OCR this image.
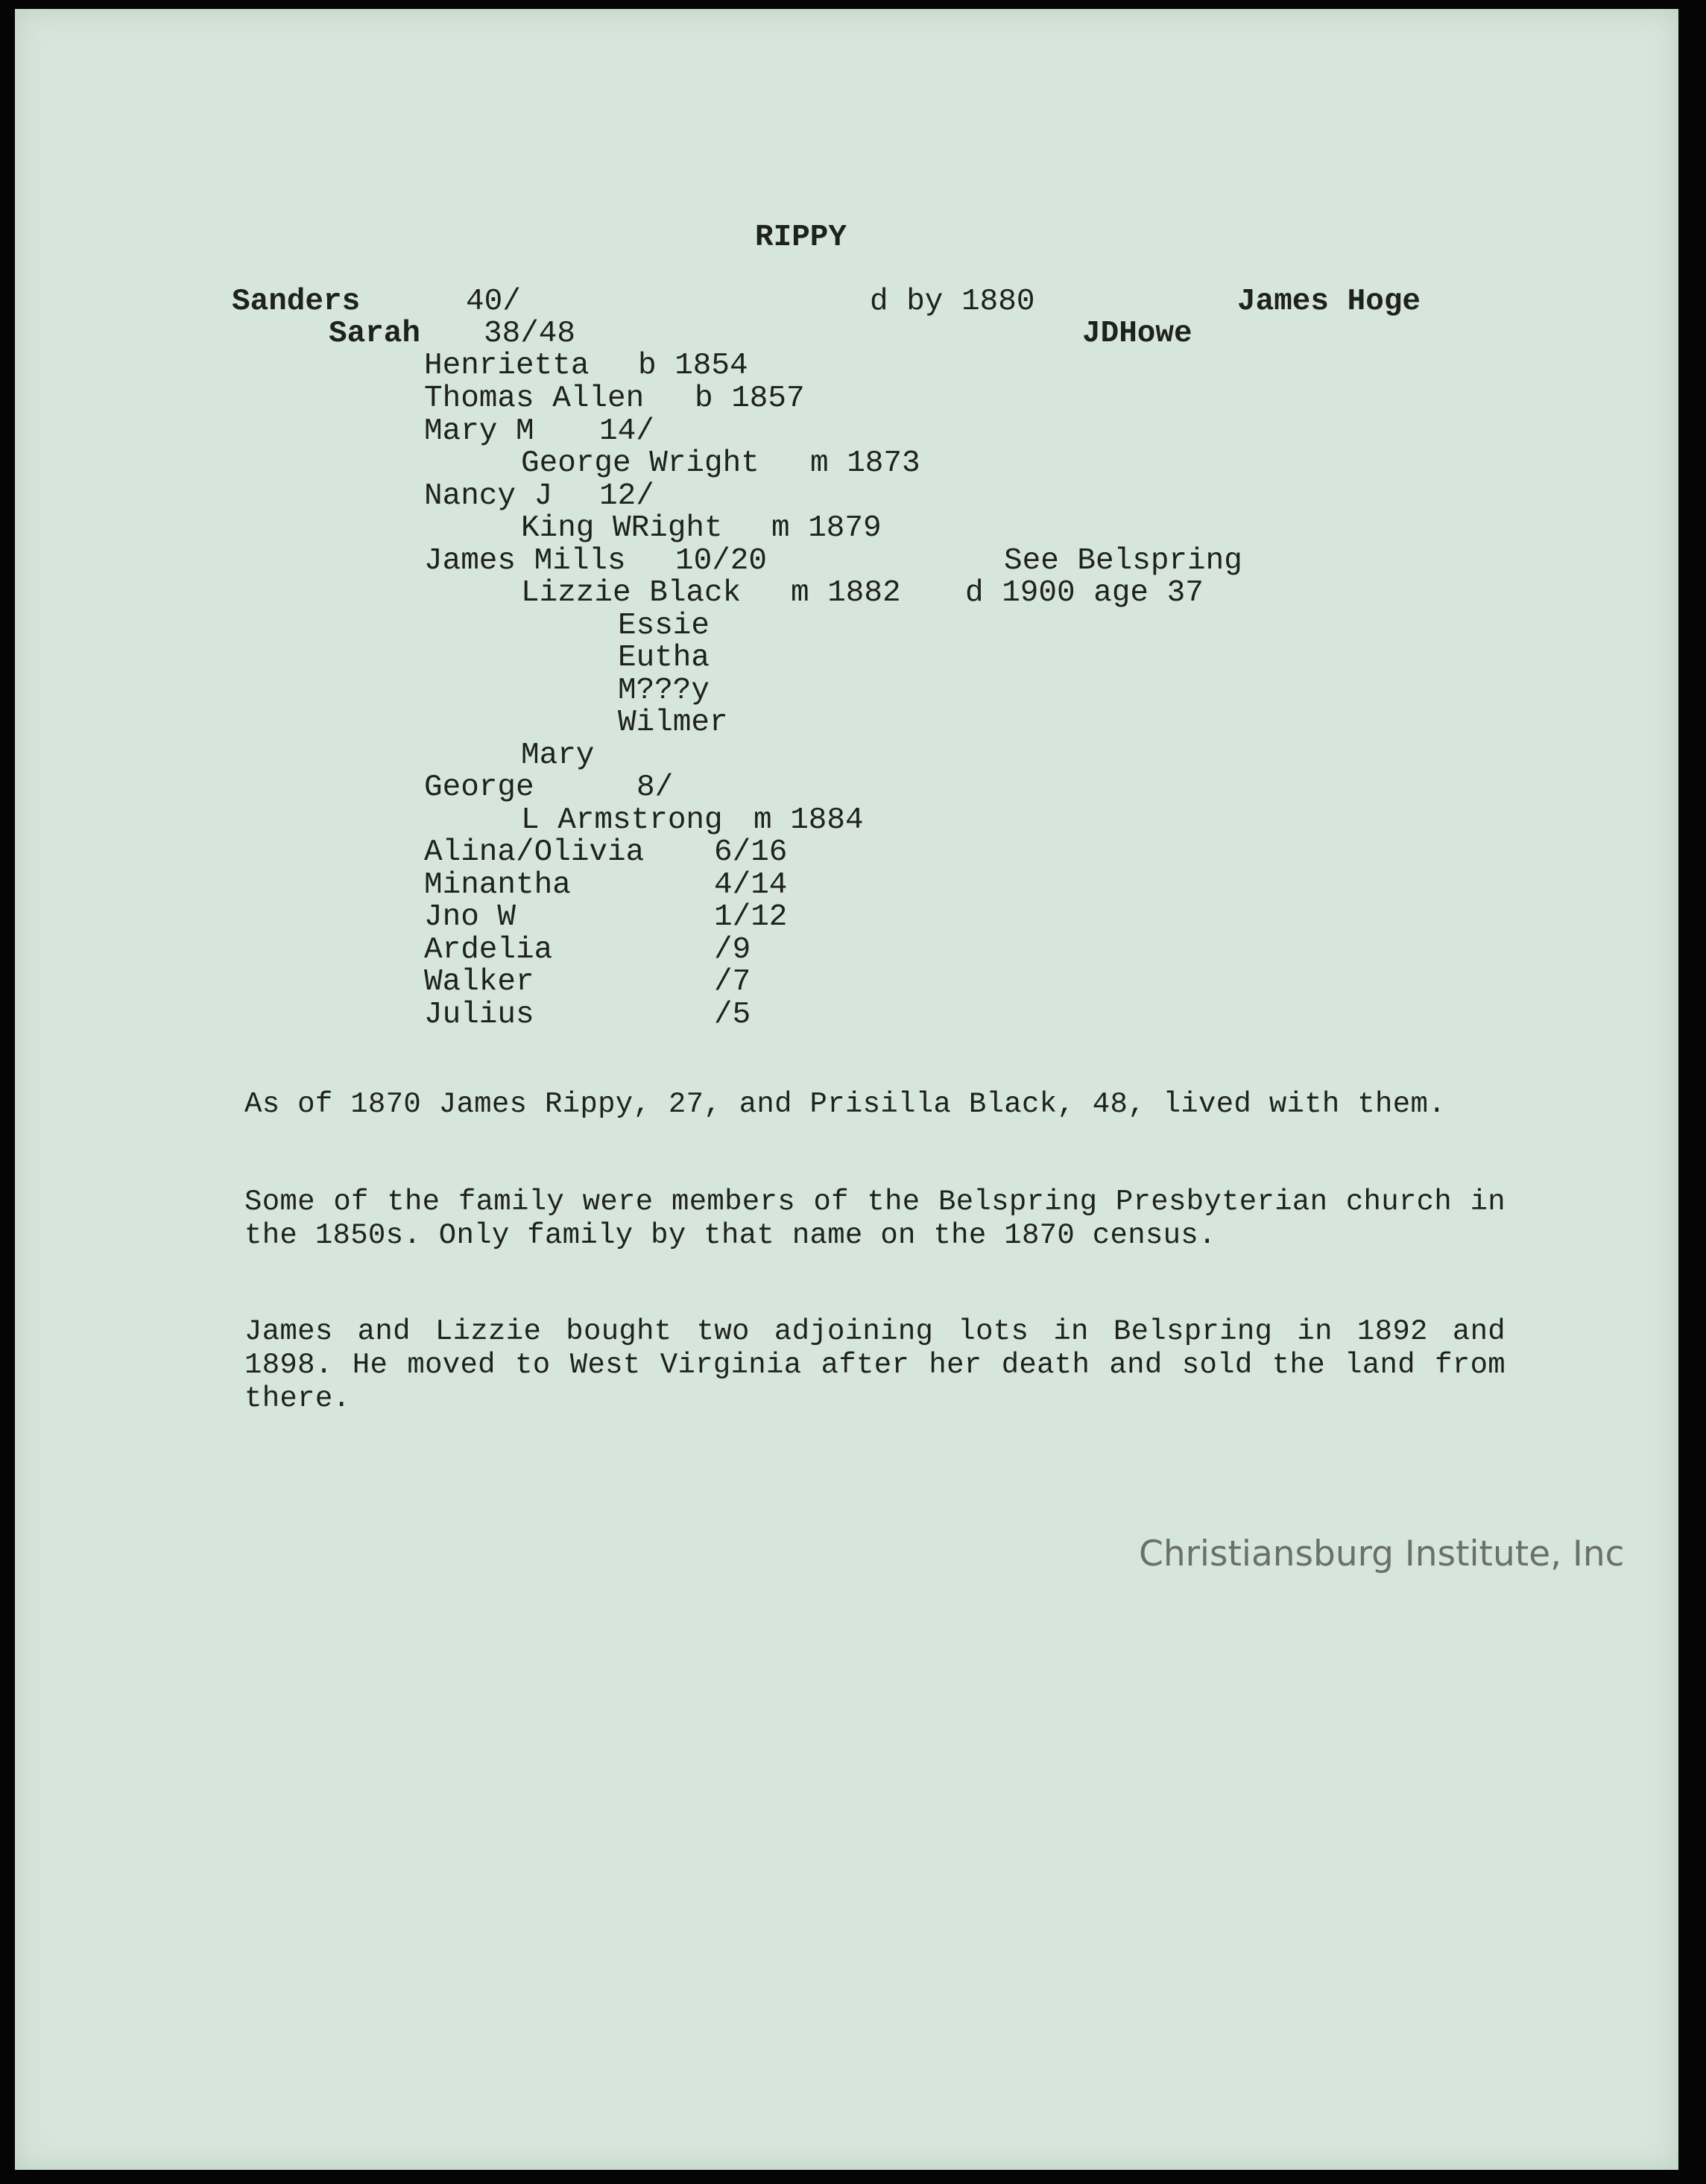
RIPPY
Sanders	40/	d by 1880	James Hoge
Sarah 38/48	JDHowe
Henrietta b 1854
Thomas Allen b 1857
Mary M 14/
George Wright m 1873
Nancy J 12/
King WRight m 1879
James Mills 10/20	See Belspring
Lizzie Black m 1882 d 1900 age 37
Essie
Eutha
M???y
Wilmer
Mary
George	8/
L Armstrong m 1884
Alina/Olivia 6/16
Minantha	4/14
Jno W	1/12
Ardelia	/9
Walker	/7
Julius	/5

As of 1870 James Rippy, 27, and Prisilla Black, 48, lived with them.

Some of the family were members of the Belspring Presbyterian church in the 1850s. Only family by that name on the 1870 census.

James and Lizzie bought two adjoining lots in Belspring in 1892 and 1898. He moved to West Virginia after her death and sold the land from there.

Christiansburg Institute, Inc
